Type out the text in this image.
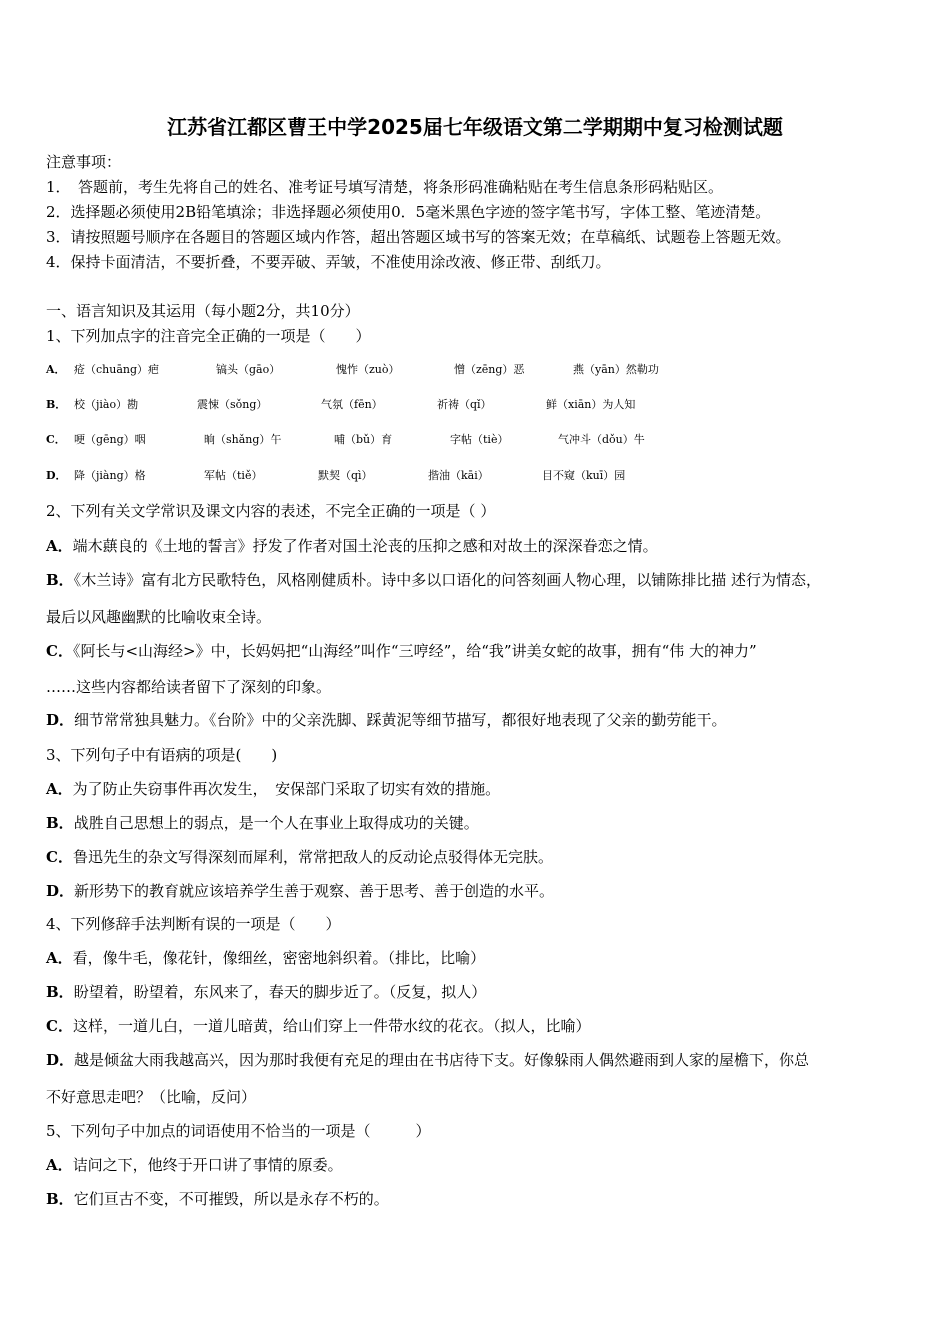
江苏省江都区曹王中学2025届七年级语文第二学期期中复习检测试题
注意事项：
1．　答题前，考生先将自己的姓名、准考证号填写清楚，将条形码准确粘贴在考生信息条形码粘贴区。
2．选择题必须使用2B铅笔填涂；非选择题必须使用0．5毫米黑色字迹的签字笔书写，字体工整、笔迹清楚。
3．请按照题号顺序在各题目的答题区域内作答，超出答题区域书写的答案无效；在草稿纸、试题卷上答题无效。
4．保持卡面清洁，不要折叠，不要弄破、弄皱，不准使用涂改液、修正带、刮纸刀。
一、语言知识及其运用（每小题2分，共10分）
1、下列加点字的注音完全正确的一项是（　　）
A． 疮（chuāng）疤	镐头（gāo）	愧怍（zuò）	憎（zēng）恶	燕（yān）然勒功
B． 校（jiào）勘	震悚（sǒng）	气氛（fēn）	祈祷（qǐ）	鲜（xiān）为人知
C． 哽（gēng）咽	晌（shǎng）午	哺（bǔ）育	字帖（tiè）	气冲斗（dǒu）牛
D． 降（jiàng）格	军帖（tiě）	默契（qì）	揩油（kāi）	目不窥（kuī）园
2、下列有关文学常识及课文内容的表述，不完全正确的一项是（ ）
A．端木蕻良的《土地的誓言》抒发了作者对国土沦丧的压抑之感和对故土的深深眷恋之情。
B．《木兰诗》富有北方民歌特色，风格刚健质朴。诗中多以口语化的问答刻画人物心理，以铺陈排比描 述行为情态，
最后以风趣幽默的比喻收束全诗。
C．《阿长与<山海经>》中，长妈妈把“山海经”叫作“三哼经”，给“我”讲美女蛇的故事，拥有“伟 大的神力”
……这些内容都给读者留下了深刻的印象。
D．细节常常独具魅力。《台阶》中的父亲洗脚、踩黄泥等细节描写，都很好地表现了父亲的勤劳能干。
3、下列句子中有语病的项是(　　)
A．为了防止失窃事件再次发生，　安保部门采取了切实有效的措施。
B．战胜自己思想上的弱点，是一个人在事业上取得成功的关键。
C．鲁迅先生的杂文写得深刻而犀利，常常把敌人的反动论点驳得体无完肤。
D．新形势下的教育就应该培养学生善于观察、善于思考、善于创造的水平。
4、下列修辞手法判断有误的一项是（　　）
A．看，像牛毛，像花针，像细丝，密密地斜织着。（排比，比喻）
B．盼望着，盼望着，东风来了，春天的脚步近了。（反复，拟人）
C．这样，一道儿白，一道儿暗黄，给山们穿上一件带水纹的花衣。（拟人，比喻）
D．越是倾盆大雨我越高兴，因为那时我便有充足的理由在书店待下支。好像躲雨人偶然避雨到人家的屋檐下，你总
不好意思走吧？（比喻，反问）
5、下列句子中加点的词语使用不恰当的一项是（　　　）
A．诘问之下，他终于开口讲了事情的原委。
B．它们亘古不变，不可摧毁，所以是永存不朽的。
